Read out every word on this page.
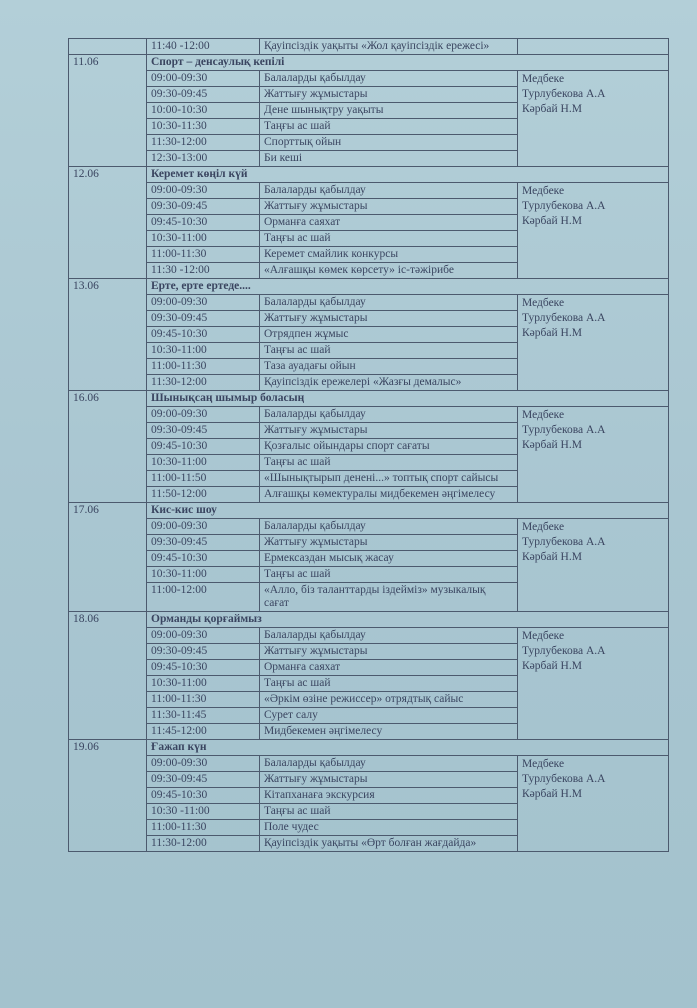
	11:40 -12:00	Қауіпсіздік уақыты «Жол қауіпсіздік ережесі»	
11.06	Спорт – денсаулық кепілі		
	09:00-09:30	Балаларды қабылдау	Медбеке
Турлубекова А.А
Кәрбай Н.М

	09:30-09:45	Жаттығу жұмыстары	
	10:00-10:30	Дене шынықтру уақыты	
	10:30-11:30	Таңғы ас шай	
	11:30-12:00	Спорттық ойын	
	12:30-13:00	Би кеші	
12.06	Керемет көңіл күй		
	09:00-09:30	Балаларды қабылдау	Медбеке
Турлубекова А.А
Кәрбай Н.М

	09:30-09:45	Жаттығу жұмыстары	
	09:45-10:30	Орманға саяхат	
	10:30-11:00	Таңғы ас шай	
	11:00-11:30	Керемет смайлик конкурсы	
	11:30 -12:00	«Алғашқы көмек көрсету» іс-тәжірибе	
13.06	Ерте, ерте ертеде....		
	09:00-09:30	Балаларды қабылдау	Медбеке
Турлубекова А.А
Кәрбай Н.М

	09:30-09:45	Жаттығу жұмыстары	
	09:45-10:30	Отрядпен жұмыс	
	10:30-11:00	Таңғы ас шай	
	11:00-11:30	Таза ауадағы ойын	
	11:30-12:00	Қауіпсіздік ережелері «Жазғы демалыс»	
16.06	Шынықсаң шымыр боласың		
	09:00-09:30	Балаларды қабылдау	Медбеке
Турлубекова А.А
Кәрбай Н.М

	09:30-09:45	Жаттығу жұмыстары	
	09:45-10:30	Қозғалыс ойындары спорт сағаты	
	10:30-11:00	Таңғы ас шай	
	11:00-11:50	«Шынықтырып денені...» топтық спорт сайысы	
	11:50-12:00	Алғашқы көмектуралы мидбекемен әңгімелесу	
17.06	Кис-кис шоу		
	09:00-09:30	Балаларды қабылдау	Медбеке
Турлубекова А.А
Кәрбай Н.М

	09:30-09:45	Жаттығу жұмыстары	
	09:45-10:30	Ермексаздан мысық жасау	
	10:30-11:00	Таңғы ас шай	
	11:00-12:00	«Алло, біз таланттарды іздейміз» музыкалық сағат	
18.06	Орманды қорғаймыз		
	09:00-09:30	Балаларды қабылдау	Медбеке
Турлубекова А.А
Кәрбай Н.М

	09:30-09:45	Жаттығу жұмыстары	
	09:45-10:30	Орманға саяхат	
	10:30-11:00	Таңғы ас шай	
	11:00-11:30	«Әркім өзіне режиссер» отрядтық сайыс	
	11:30-11:45	Сурет салу	
	11:45-12:00	Мидбекемен әңгімелесу	
19.06	Ғажап күн		
	09:00-09:30	Балаларды қабылдау	Медбеке
Турлубекова А.А
Кәрбай Н.М

	09:30-09:45	Жаттығу жұмыстары	
	09:45-10:30	Кітапханаға экскурсия	
	10:30 -11:00	Таңғы ас шай	
	11:00-11:30	Поле чудес	
	11:30-12:00	Қауіпсіздік уақыты «Өрт болған жағдайда»	
